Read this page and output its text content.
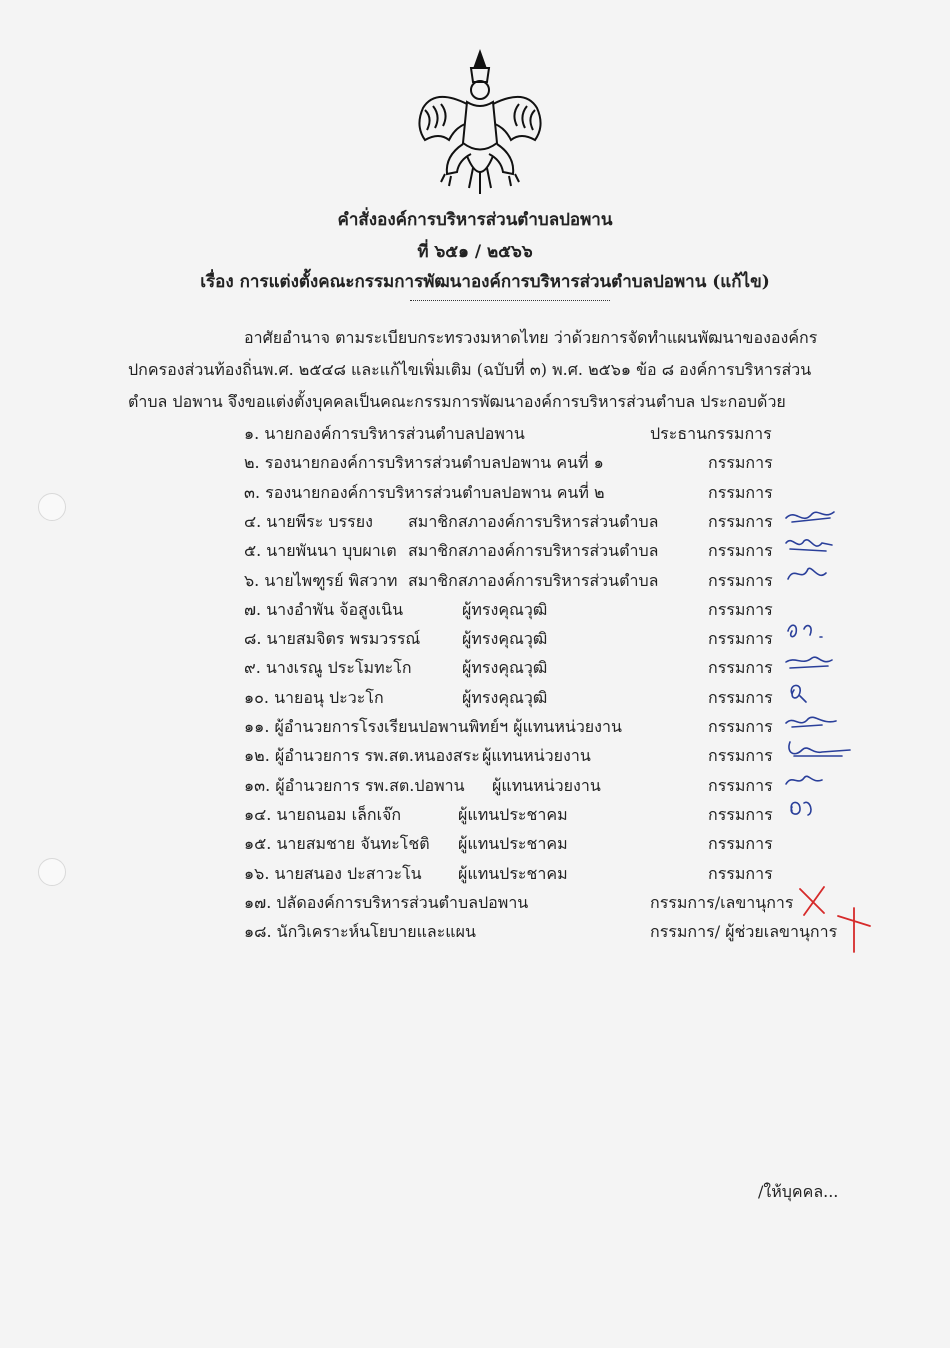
คำสั่งองค์การบริหารส่วนตำบลปอพาน
ที่ ๖๕๑ / ๒๕๖๖
เรื่อง การแต่งตั้งคณะกรรมการพัฒนาองค์การบริหารส่วนตำบลปอพาน (แก้ไข)
อาศัยอำนาจ ตามระเบียบกระทรวงมหาดไทย ว่าด้วยการจัดทำแผนพัฒนาขององค์กร
ปกครองส่วนท้องถิ่นพ.ศ. ๒๕๔๘ และแก้ไขเพิ่มเติม (ฉบับที่ ๓) พ.ศ. ๒๕๖๑ ข้อ ๘ องค์การบริหารส่วน
ตำบล ปอพาน จึงขอแต่งตั้งบุคคลเป็นคณะกรรมการพัฒนาองค์การบริหารส่วนตำบล ประกอบด้วย
๑. นายกองค์การบริหารส่วนตำบลปอพาน	ประธานกรรมการ
๒. รองนายกองค์การบริหารส่วนตำบลปอพาน คนที่ ๑	กรรมการ
๓. รองนายกองค์การบริหารส่วนตำบลปอพาน คนที่ ๒	กรรมการ
๔. นายพีระ บรรยง สมาชิกสภาองค์การบริหารส่วนตำบล	กรรมการ
๕. นายพันนา บุบผาเต สมาชิกสภาองค์การบริหารส่วนตำบล	กรรมการ
๖. นายไพฑูรย์ พิสวาท สมาชิกสภาองค์การบริหารส่วนตำบล	กรรมการ
๗. นางอำพัน จ้อสูงเนิน	ผู้ทรงคุณวุฒิ	กรรมการ
๘. นายสมจิตร พรมวรรณ์	ผู้ทรงคุณวุฒิ	กรรมการ
๙. นางเรณู ประโมทะโก	ผู้ทรงคุณวุฒิ	กรรมการ
๑๐. นายอนุ ปะวะโก	ผู้ทรงคุณวุฒิ	กรรมการ
๑๑. ผู้อำนวยการโรงเรียนปอพานพิทย์ฯ ผู้แทนหน่วยงาน	กรรมการ
๑๒. ผู้อำนวยการ รพ.สต.หนองสระ ผู้แทนหน่วยงาน	กรรมการ
๑๓. ผู้อำนวยการ รพ.สต.ปอพาน ผู้แทนหน่วยงาน	กรรมการ
๑๔. นายถนอม เล็กเจ๊ก	ผู้แทนประชาคม	กรรมการ
๑๕. นายสมชาย จันทะโชติ ผู้แทนประชาคม	กรรมการ
๑๖. นายสนอง ปะสาวะโน ผู้แทนประชาคม	กรรมการ
๑๗. ปลัดองค์การบริหารส่วนตำบลปอพาน	กรรมการ/เลขานุการ
๑๘. นักวิเคราะห์นโยบายและแผน	กรรมการ/ ผู้ช่วยเลขานุการ
/ให้บุคคล...
